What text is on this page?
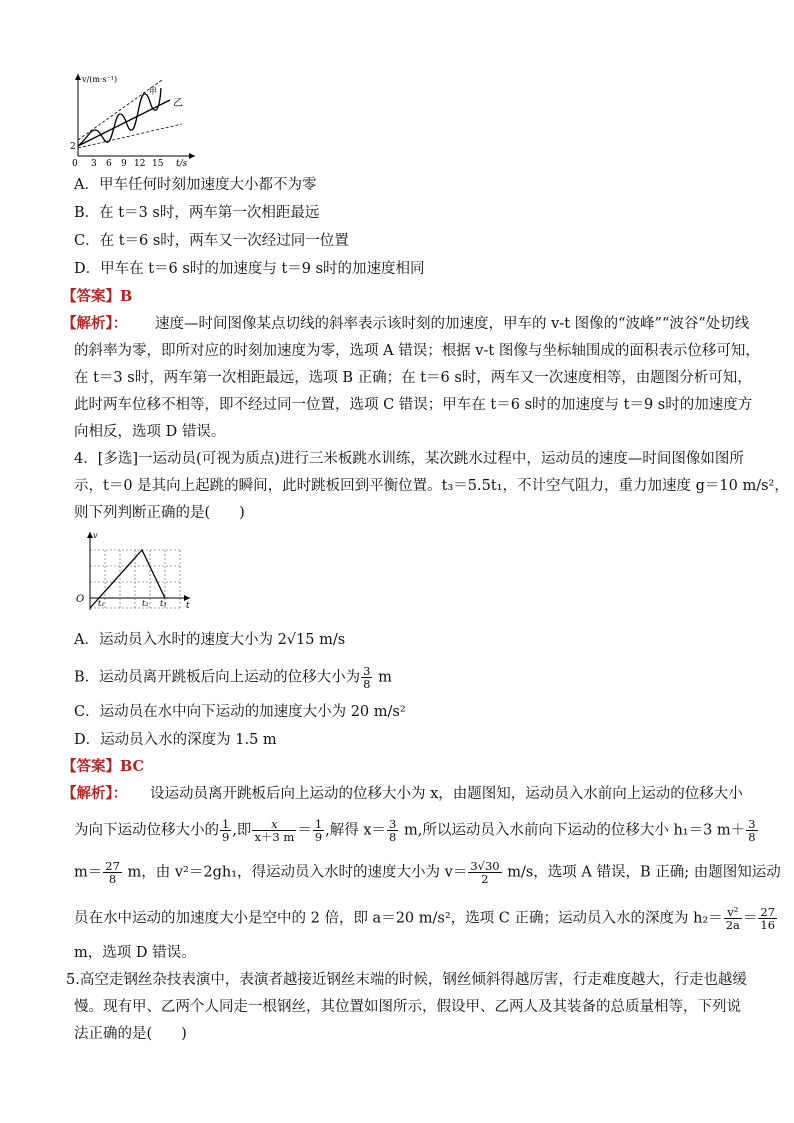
0
2
3 6 9 12 15 t/s
v/(m·s⁻¹)
甲
乙
A．甲车任何时刻加速度大小都不为零
B．在 t＝3 s时，两车第一次相距最远
C．在 t＝6 s时，两车又一次经过同一位置
D．甲车在 t＝6 s时的加速度与 t＝9 s时的加速度相同
【答案】B
【解析】： 速度—时间图像某点切线的斜率表示该时刻的加速度，甲车的 v-t 图像的“波峰”“波谷”处切线
的斜率为零，即所对应的时刻加速度为零，选项 A 错误；根据 v-t 图像与坐标轴围成的面积表示位移可知，
在 t＝3 s时，两车第一次相距最远，选项 B 正确；在 t＝6 s时，两车又一次速度相等，由题图分析可知，
此时两车位移不相等，即不经过同一位置，选项 C 错误；甲车在 t＝6 s时的加速度与 t＝9 s时的加速度方
向相反，选项 D 错误。
4．[多选]一运动员(可视为质点)进行三米板跳水训练，某次跳水过程中，运动员的速度—时间图像如图所
示，t＝0 是其向上起跳的瞬间，此时跳板回到平衡位置。t₃＝5.5t₁，不计空气阻力，重力加速度 g＝10 m/s²，
则下列判断正确的是(　　)
v
O
t
t₁	t₂ t₃
A．运动员入水时的速度大小为 2√15 m/s
B．运动员离开跳板后向上运动的位移大小为 $\frac{3}{8}$ m
C．运动员在水中向下运动的加速度大小为 20 m/s²
D．运动员入水的深度为 1.5 m
【答案】BC
【解析】： 设运动员离开跳板后向上运动的位移大小为 x，由题图知，运动员入水前向上运动的位移大小
为向下运动位移大小的 $\frac{1}{9}$ ,即 $\frac{x}{x+3 m} = \frac{1}{9}$ ,解得 $x= \frac{3}{8} m$,所以运动员入水前向下运动的位移大小 h₁＝3 $m+ \frac{3}{8}$
$m= \frac{27}{8}$ m，由 v²＝2gh₁，得运动员入水时的速度大小为 $v= \frac{3√30}{2} m/s$，选项 A 错误，B 正确; 由题图知运动
员在水中运动的加速度大小是空中的 2 倍，即 a＝20 m/s²，选项 C 正确；运动员入水的深度为 $h_2= \frac{\text{v²}}{2a} = \frac{27}{16}$
m，选项 D 错误。
5.高空走钢丝杂技表演中，表演者越接近钢丝末端的时候，钢丝倾斜得越厉害，行走难度越大，行走也越缓
慢。现有甲、乙两个人同走一根钢丝，其位置如图所示，假设甲、乙两人及其装备的总质量相等，下列说
法正确的是(　　)
